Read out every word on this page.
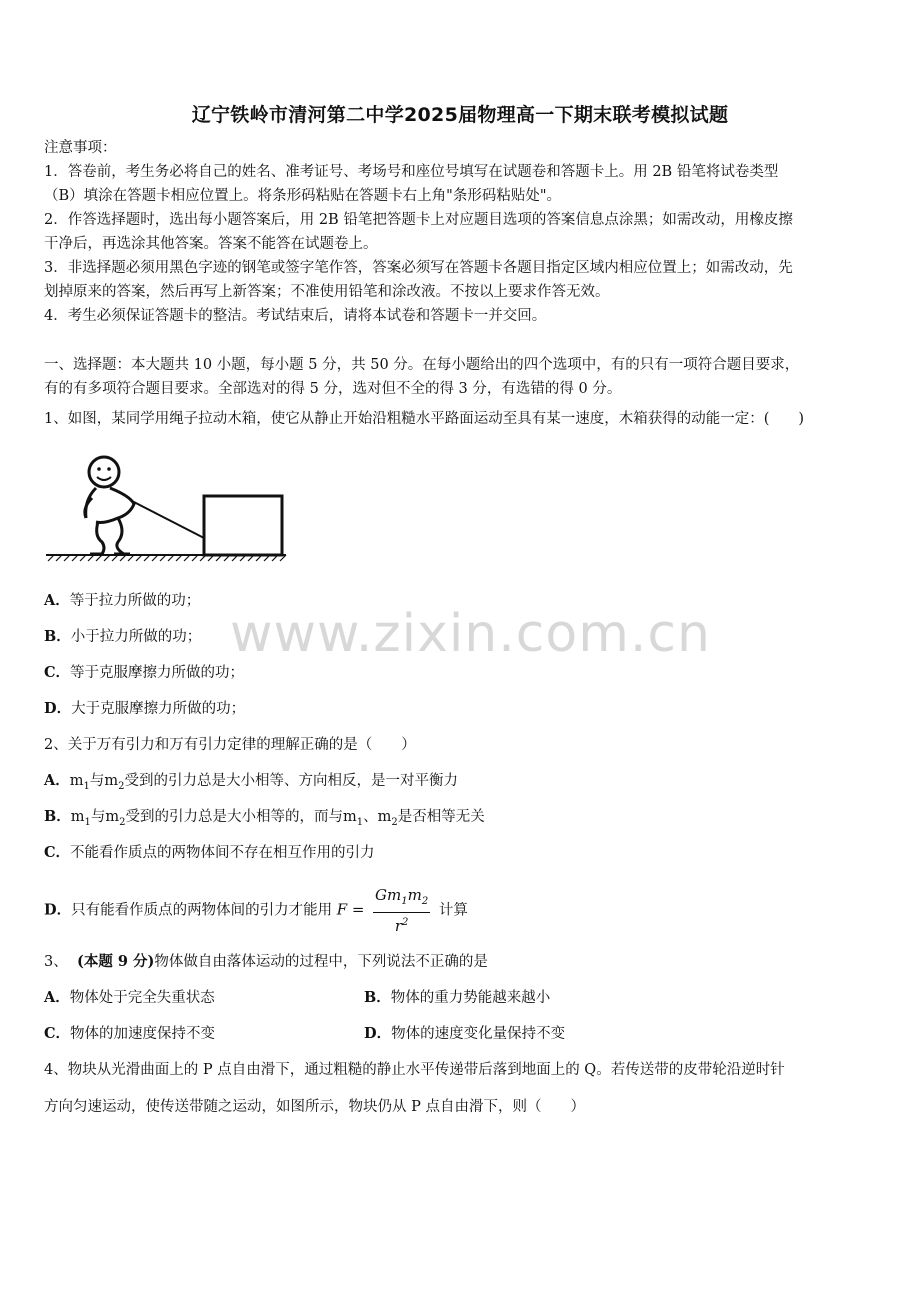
辽宁铁岭市清河第二中学2025届物理高一下期末联考模拟试题
注意事项：
1．答卷前，考生务必将自己的姓名、准考证号、考场号和座位号填写在试题卷和答题卡上。用 2B 铅笔将试卷类型
（B）填涂在答题卡相应位置上。将条形码粘贴在答题卡右上角"条形码粘贴处"。
2．作答选择题时，选出每小题答案后，用 2B 铅笔把答题卡上对应题目选项的答案信息点涂黑；如需改动，用橡皮擦
干净后，再选涂其他答案。答案不能答在试题卷上。
3．非选择题必须用黑色字迹的钢笔或签字笔作答，答案必须写在答题卡各题目指定区域内相应位置上；如需改动，先
划掉原来的答案，然后再写上新答案；不准使用铅笔和涂改液。不按以上要求作答无效。
4．考生必须保证答题卡的整洁。考试结束后，请将本试卷和答题卡一并交回。
一、选择题：本大题共 10 小题，每小题 5 分，共 50 分。在每小题给出的四个选项中，有的只有一项符合题目要求，
有的有多项符合题目要求。全部选对的得 5 分，选对但不全的得 3 分，有选错的得 0 分。
1、如图，某同学用绳子拉动木箱，使它从静止开始沿粗糙水平路面运动至具有某一速度，木箱获得的动能一定：(　　)
A．等于拉力所做的功；
B．小于拉力所做的功；
C．等于克服摩擦力所做的功；
D．大于克服摩擦力所做的功；
www.zixin.com.cn
2、关于万有引力和万有引力定律的理解正确的是（　　）
A．$m_1$与$m_2$受到的引力总是大小相等、方向相反，是一对平衡力
B．$m_1$与$m_2$受到的引力总是大小相等的，而与$m_1$、$m_2$是否相等无关
C．不能看作质点的两物体间不存在相互作用的引力
D．只有能看作质点的两物体间的引力才能用 $F = \frac{Gm_1m_2}{r^2}$ 计算
3、 (本题 9 分)物体做自由落体运动的过程中，下列说法不正确的是
A．物体处于完全失重状态	B．物体的重力势能越来越小
C．物体的加速度保持不变	D．物体的速度变化量保持不变
4、物块从光滑曲面上的 P 点自由滑下，通过粗糙的静止水平传递带后落到地面上的 Q。若传送带的皮带轮沿逆时针
方向匀速运动，使传送带随之运动，如图所示，物块仍从 P 点自由滑下，则（　　）
